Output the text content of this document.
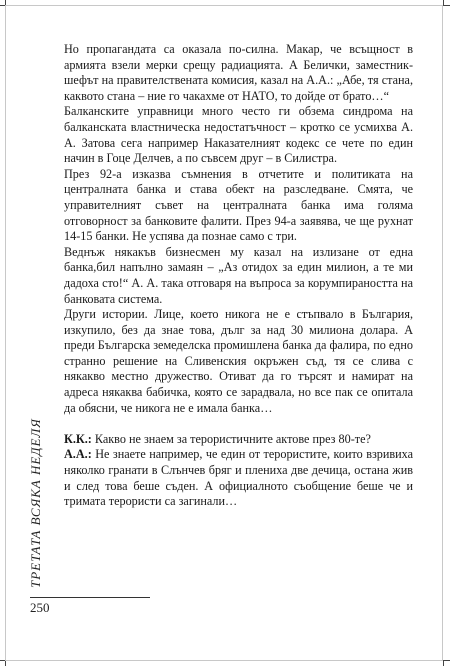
Но пропагандата са оказала по-силна. Макар, че всъщност в армията взели мерки срещу радиацията. А Белички, заместник-шефът на правителствената комисия, казал на А.А.: „Абе, тя стана, каквото стана – ние го чакахме от НАТО, то дойде от брато…“

Балканските управници много често ги обзема синдрома на балканската властническа недостатъчност – кротко се усмихва А. А. Затова сега например Наказателният кодекс се чете по един начин в Гоце Делчев, а по съвсем друг – в Силистра.

През 92-а изказва съмнения в отчетите и политиката на централната банка и става обект на разследване. Смята, че управителният съвет на централната банка има голяма отговорност за банковите фалити. През 94-а заявява, че ще рухнат 14-15 банки. Не успява да познае само с три.

Веднъж някакъв бизнесмен му казал на излизане от една банка,бил напълно замаян – „Аз отидох за един милион, а те ми дадоха сто!“ А. А. така отговаря на въпроса за корумпираността на банковата система.

Други истории. Лице, което никога не е стъпвало в България, изкупило, без да знае това, дълг за над 30 милиона долара. А преди Българска земеделска промишлена банка да фалира, по едно странно решение на Сливенския окръжен съд, тя се слива с някакво местно дружество. Отиват да го търсят и намират на адреса някаква бабичка, която се зарадвала, но все пак се опитала да обясни, че никога не е имала банка…

К.К.: Какво не знаем за терористичните актове през 80-те?

А.А.: Не знаете например, че един от терористите, които взривиха няколко гранати в Слънчев бряг и плениха две дечица, остана жив и след това беше съден. А официалното съобщение беше че и тримата терористи са загинали…

ТРЕТАТА ВСЯКА НЕДЕЛЯ
250
